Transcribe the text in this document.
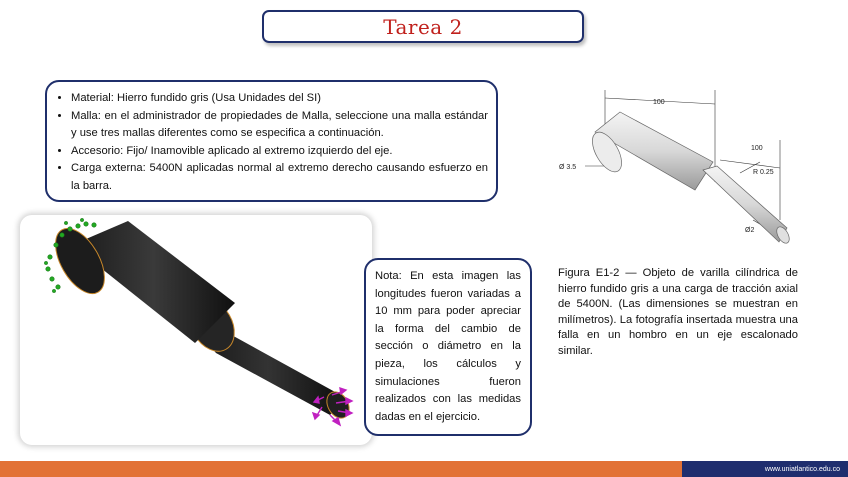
Tarea 2
• Material: Hierro fundido gris (Usa Unidades del SI)
• Malla: en el administrador de propiedades de Malla, seleccione una malla estándar y use tres mallas diferentes como se especifica a continuación.
• Accesorio: Fijo/ Inamovible aplicado al extremo izquierdo del eje.
• Carga externa: 5400N aplicadas normal al extremo derecho causando esfuerzo en la barra.
Nota: En esta imagen las longitudes fueron variadas a 10 mm para poder apreciar la forma del cambio de sección o diámetro en la pieza, los cálculos y simulaciones fueron realizados con las medidas dadas en el ejercicio.
100
100
Ø 3.5
R 0.25
Ø2
Figura E1-2 — Objeto de varilla cilíndrica de hierro fundido gris a una carga de tracción axial de 5400N. (Las dimensiones se muestran en milímetros). La fotografía insertada muestra una falla en un hombro en un eje escalonado similar.
www.uniatlantico.edu.co
